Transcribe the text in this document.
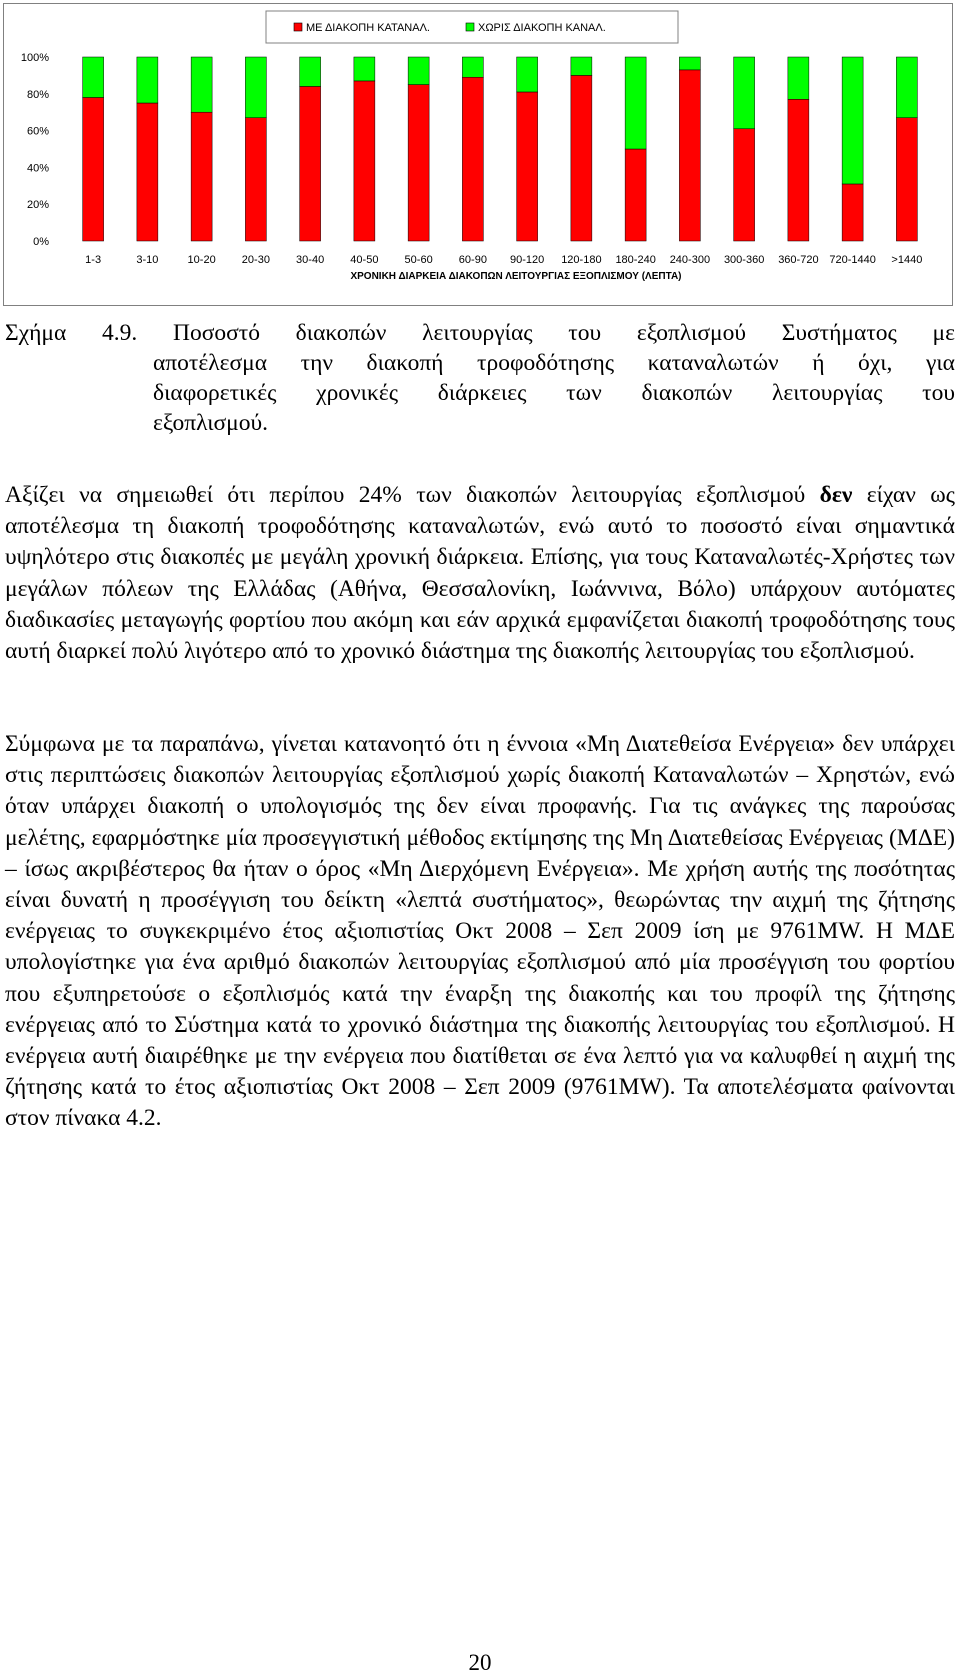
ΜΕ ΔΙΑΚΟΠΗ ΚΑΤΑΝΑΛ.	ΧΩΡΙΣ ΔΙΑΚΟΠΗ ΚΑΝΑΛ.
0%
20%
40%
60%
80%
100%
1-3	3-10	10-20 20-30 30-40 40-50 50-60 60-90 90-120 120-180 180-240 240-300 300-360 360-720 720-1440 >1440
ΧΡΟΝΙΚΗ ΔΙΑΡΚΕΙΑ ΔΙΑΚΟΠΩΝ ΛΕΙΤΟΥΡΓΙΑΣ ΕΞΟΠΛΙΣΜΟΥ (ΛΕΠΤΑ)
Σχήμα 4.9. Ποσοστό διακοπών λειτουργίας του εξοπλισμού Συστήματος με
αποτέλεσμα την διακοπή τροφοδότησης καταναλωτών ή όχι, για
διαφορετικές χρονικές διάρκειες των διακοπών λειτουργίας του
εξοπλισμού.

Αξίζει να σημειωθεί ότι περίπου 24% των διακοπών λειτουργίας εξοπλισμού δεν είχαν ως αποτέλεσμα τη διακοπή τροφοδότησης καταναλωτών, ενώ αυτό το ποσοστό είναι σημαντικά υψηλότερο στις διακοπές με μεγάλη χρονική διάρκεια. Επίσης, για τους Καταναλωτές-Χρήστες των μεγάλων πόλεων της Ελλάδας (Αθήνα, Θεσσαλονίκη, Ιωάννινα, Βόλο) υπάρχουν αυτόματες διαδικασίες μεταγωγής φορτίου που ακόμη και εάν αρχικά εμφανίζεται διακοπή τροφοδότησης τους αυτή διαρκεί πολύ λιγότερο από το χρονικό διάστημα της διακοπής λειτουργίας του εξοπλισμού.

Σύμφωνα με τα παραπάνω, γίνεται κατανοητό ότι η έννοια «Μη Διατεθείσα Ενέργεια» δεν υπάρχει στις περιπτώσεις διακοπών λειτουργίας εξοπλισμού χωρίς διακοπή Καταναλωτών – Χρηστών, ενώ όταν υπάρχει διακοπή ο υπολογισμός της δεν είναι προφανής. Για τις ανάγκες της παρούσας μελέτης, εφαρμόστηκε μία προσεγγιστική μέθοδος εκτίμησης της Μη Διατεθείσας Ενέργειας (ΜΔΕ) – ίσως ακριβέστερος θα ήταν ο όρος «Μη Διερχόμενη Ενέργεια». Με χρήση αυτής της ποσότητας είναι δυνατή η προσέγγιση του δείκτη «λεπτά συστήματος», θεωρώντας την αιχμή της ζήτησης ενέργειας το συγκεκριμένο έτος αξιοπιστίας Οκτ 2008 – Σεπ 2009 ίση με 9761MW. Η ΜΔΕ υπολογίστηκε για ένα αριθμό διακοπών λειτουργίας εξοπλισμού από μία προσέγγιση του φορτίου που εξυπηρετούσε ο εξοπλισμός κατά την έναρξη της διακοπής και του προφίλ της ζήτησης ενέργειας από το Σύστημα κατά το χρονικό διάστημα της διακοπής λειτουργίας του εξοπλισμού. Η ενέργεια αυτή διαιρέθηκε με την ενέργεια που διατίθεται σε ένα λεπτό για να καλυφθεί η αιχμή της ζήτησης κατά το έτος αξιοπιστίας Οκτ 2008 – Σεπ 2009 (9761MW). Τα αποτελέσματα φαίνονται στον πίνακα 4.2.

20
